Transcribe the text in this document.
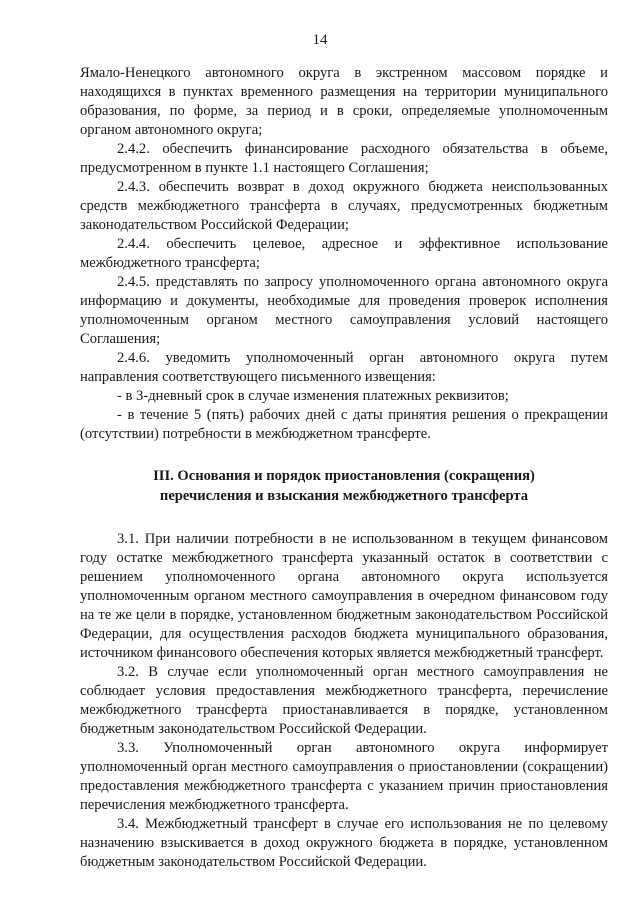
14

Ямало-Ненецкого автономного округа в экстренном массовом порядке и находящихся в пунктах временного размещения на территории муниципального образования, по форме, за период и в сроки, определяемые уполномоченным органом автономного округа;

2.4.2. обеспечить финансирование расходного обязательства в объеме, предусмотренном в пункте 1.1 настоящего Соглашения;

2.4.3. обеспечить возврат в доход окружного бюджета неиспользованных средств межбюджетного трансферта в случаях, предусмотренных бюджетным законодательством Российской Федерации;

2.4.4. обеспечить целевое, адресное и эффективное использование межбюджетного трансферта;

2.4.5. представлять по запросу уполномоченного органа автономного округа информацию и документы, необходимые для проведения проверок исполнения уполномоченным органом местного самоуправления условий настоящего Соглашения;

2.4.6. уведомить уполномоченный орган автономного округа путем направления соответствующего письменного извещения:

- в 3-дневный срок в случае изменения платежных реквизитов;

- в течение 5 (пять) рабочих дней с даты принятия решения о прекращении (отсутствии) потребности в межбюджетном трансферте.

III. Основания и порядок приостановления (сокращения)
перечисления и взыскания межбюджетного трансферта

3.1. При наличии потребности в не использованном в текущем финансовом году остатке межбюджетного трансферта указанный остаток в соответствии с решением уполномоченного органа автономного округа используется уполномоченным органом местного самоуправления в очередном финансовом году на те же цели в порядке, установленном бюджетным законодательством Российской Федерации, для осуществления расходов бюджета муниципального образования, источником финансового обеспечения которых является межбюджетный трансферт.

3.2. В случае если уполномоченный орган местного самоуправления не соблюдает условия предоставления межбюджетного трансферта, перечисление межбюджетного трансферта приостанавливается в порядке, установленном бюджетным законодательством Российской Федерации.

3.3. Уполномоченный орган автономного округа информирует уполномоченный орган местного самоуправления о приостановлении (сокращении) предоставления межбюджетного трансферта с указанием причин приостановления перечисления межбюджетного трансферта.

3.4. Межбюджетный трансферт в случае его использования не по целевому назначению взыскивается в доход окружного бюджета в порядке, установленном бюджетным законодательством Российской Федерации.
